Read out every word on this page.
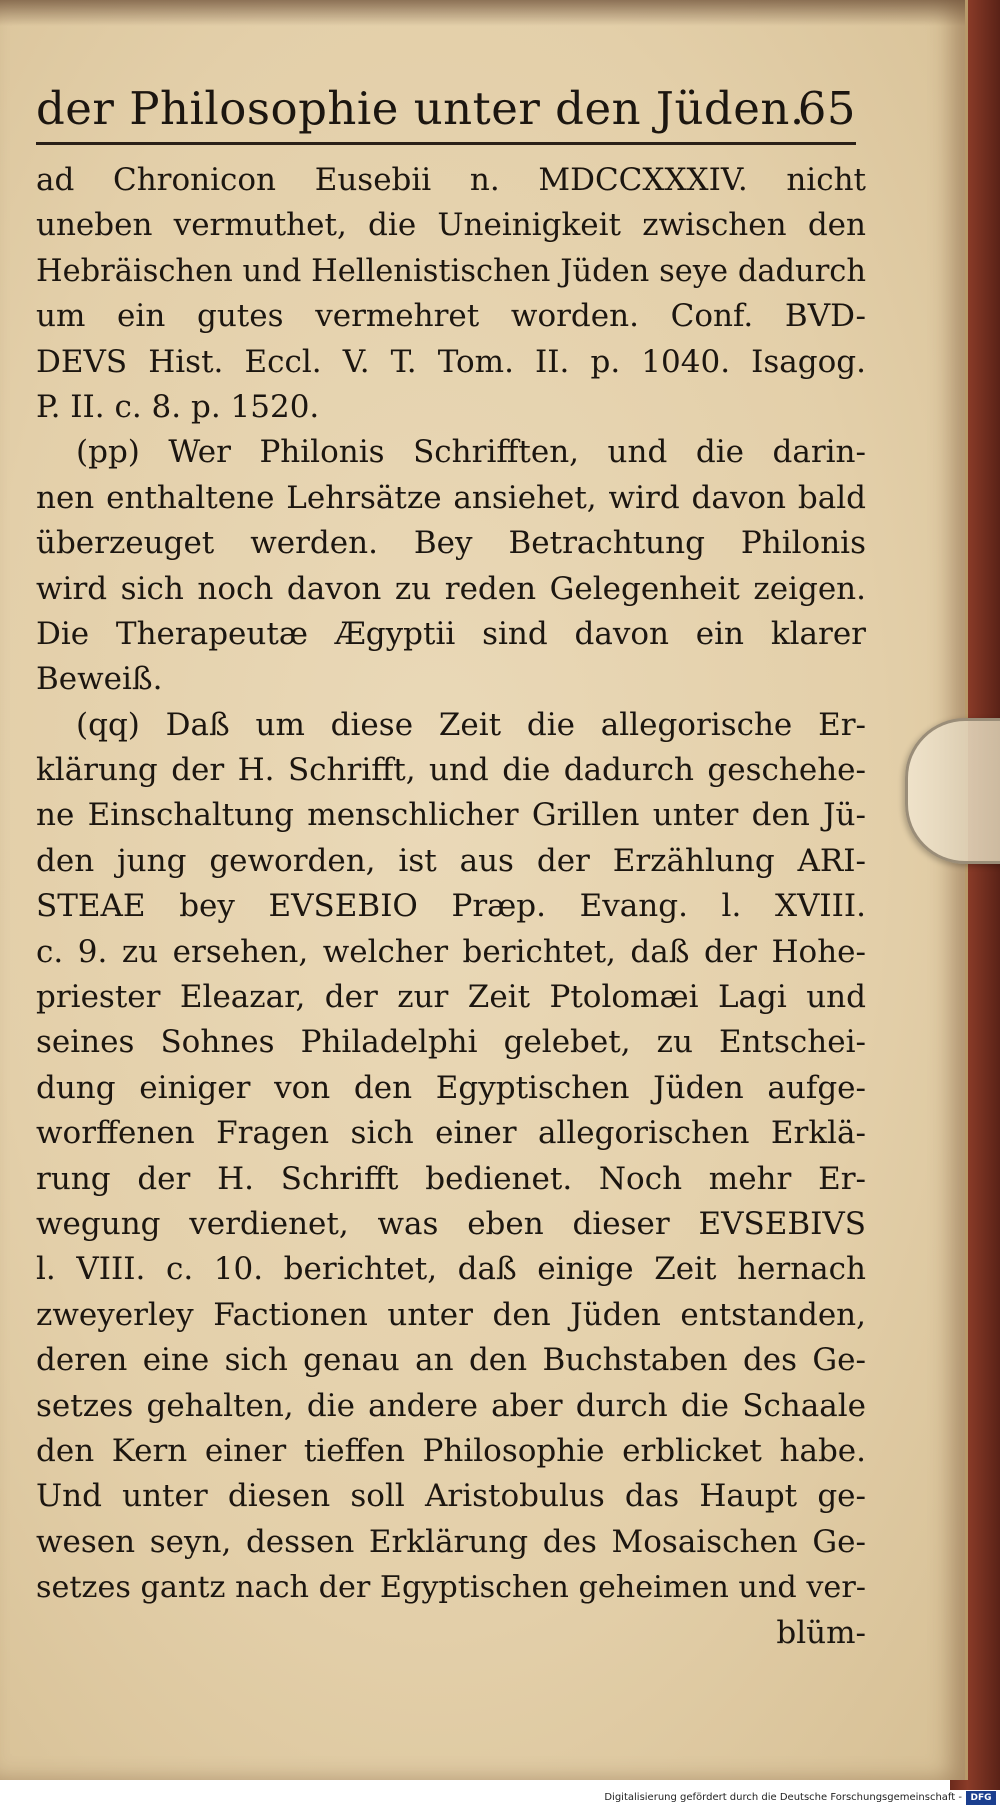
der Philosophie unter den Jüden.
65
ad Chronicon Eusebii n. MDCCXXXIV. nicht
uneben vermuthet, die Uneinigkeit zwischen den
Hebräischen und Hellenistischen Jüden seye dadurch
um ein gutes vermehret worden. Conf. BVD-
DEVS Hist. Eccl. V. T. Tom. II. p. 1040. Isagog.
P. II. c. 8. p. 1520.
(pp) Wer Philonis Schrifften, und die darin-
nen enthaltene Lehrsätze ansiehet, wird davon bald
überzeuget werden. Bey Betrachtung Philonis
wird sich noch davon zu reden Gelegenheit zeigen.
Die Therapeutæ Ægyptii sind davon ein klarer
Beweiß.
(qq) Daß um diese Zeit die allegorische Er-
klärung der H. Schrifft, und die dadurch geschehe-
ne Einschaltung menschlicher Grillen unter den Jü-
den jung geworden, ist aus der Erzählung ARI-
STEAE bey EVSEBIO Præp. Evang. l. XVIII.
c. 9. zu ersehen, welcher berichtet, daß der Hohe-
priester Eleazar, der zur Zeit Ptolomæi Lagi und
seines Sohnes Philadelphi gelebet, zu Entschei-
dung einiger von den Egyptischen Jüden aufge-
worffenen Fragen sich einer allegorischen Erklä-
rung der H. Schrifft bedienet. Noch mehr Er-
wegung verdienet, was eben dieser EVSEBIVS
l. VIII. c. 10. berichtet, daß einige Zeit hernach
zweyerley Factionen unter den Jüden entstanden,
deren eine sich genau an den Buchstaben des Ge-
setzes gehalten, die andere aber durch die Schaale
den Kern einer tieffen Philosophie erblicket habe.
Und unter diesen soll Aristobulus das Haupt ge-
wesen seyn, dessen Erklärung des Mosaischen Ge-
setzes gantz nach der Egyptischen geheimen und ver-
blüm-
Digitalisierung gefördert durch die Deutsche Forschungsgemeinschaft - DFG
